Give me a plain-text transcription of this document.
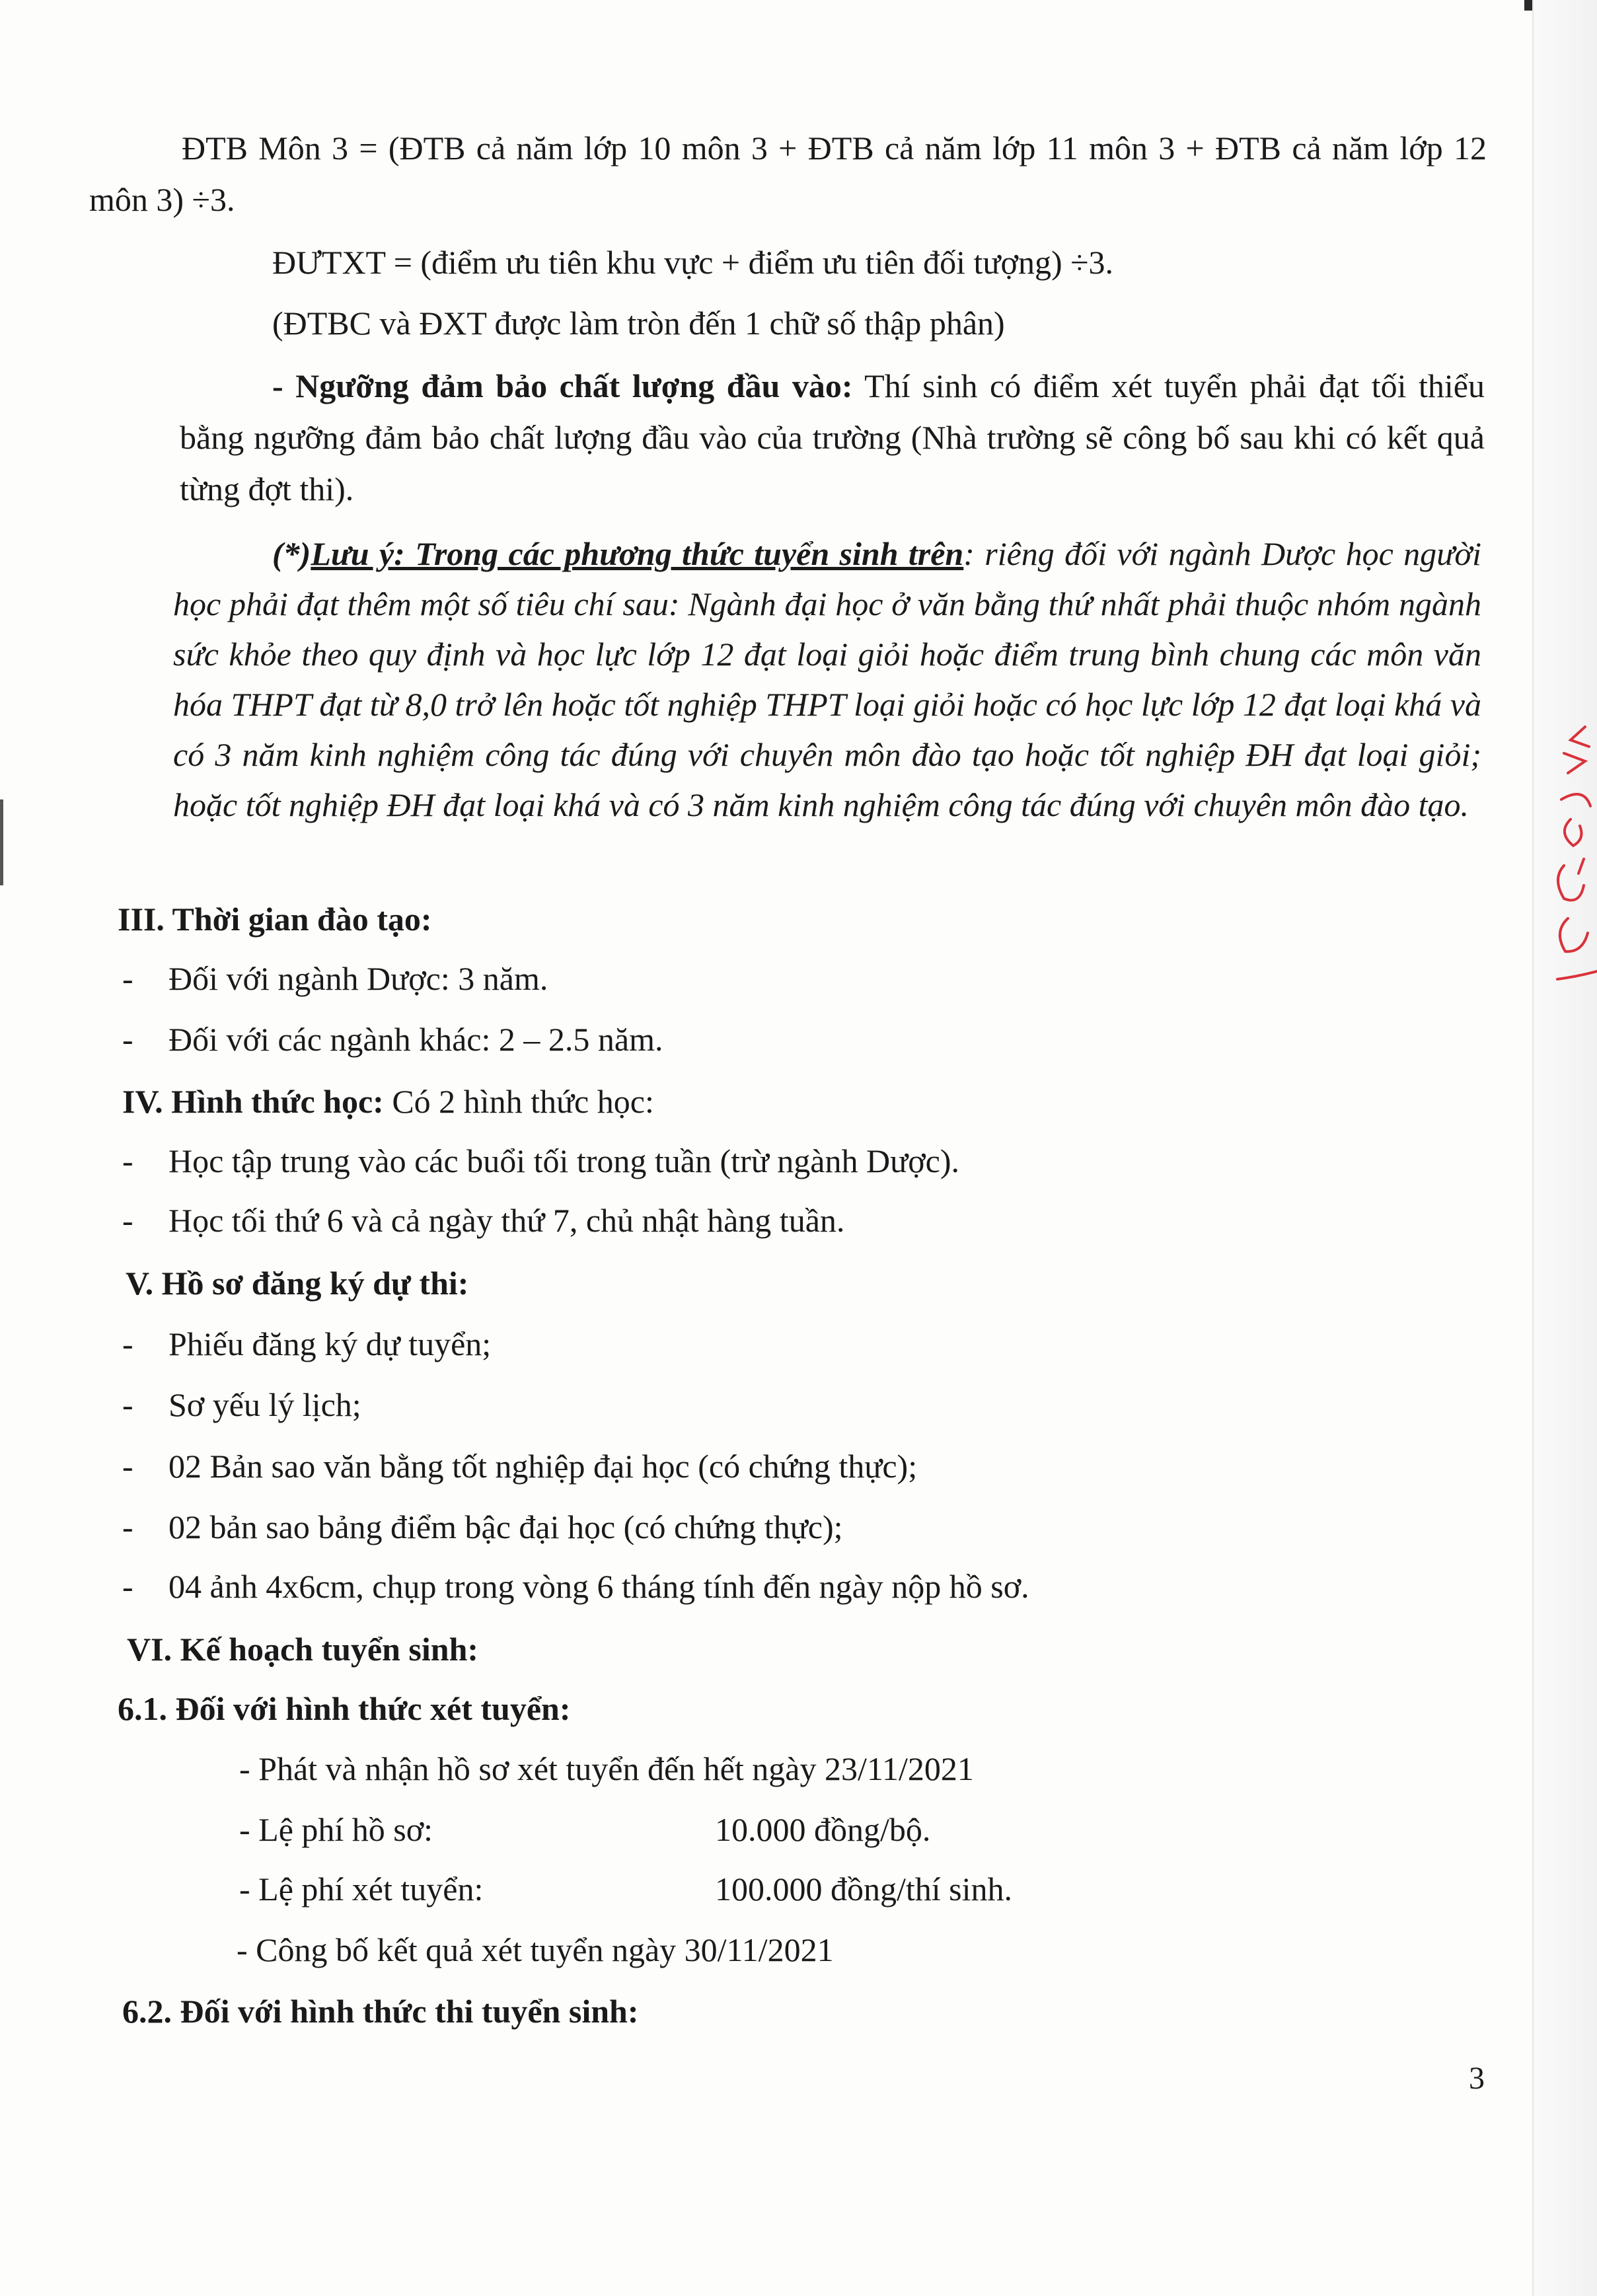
ĐTB Môn 3 = (ĐTB cả năm lớp 10 môn 3 + ĐTB cả năm lớp 11 môn 3 + ĐTB cả năm lớp 12 môn 3) ÷3.

ĐƯTXT = (điểm ưu tiên khu vực + điểm ưu tiên đối tượng) ÷3.

(ĐTBC và ĐXT được làm tròn đến 1 chữ số thập phân)

- Ngưỡng đảm bảo chất lượng đầu vào: Thí sinh có điểm xét tuyển phải đạt tối thiểu bằng ngưỡng đảm bảo chất lượng đầu vào của trường (Nhà trường sẽ công bố sau khi có kết quả từng đợt thi).

(*)Lưu ý: Trong các phương thức tuyển sinh trên: riêng đối với ngành Dược học người học phải đạt thêm một số tiêu chí sau: Ngành đại học ở văn bằng thứ nhất phải thuộc nhóm ngành sức khỏe theo quy định và học lực lớp 12 đạt loại giỏi hoặc điểm trung bình chung các môn văn hóa THPT đạt từ 8,0 trở lên hoặc tốt nghiệp THPT loại giỏi hoặc có học lực lớp 12 đạt loại khá và có 3 năm kinh nghiệm công tác đúng với chuyên môn đào tạo hoặc tốt nghiệp ĐH đạt loại giỏi; hoặc tốt nghiệp ĐH đạt loại khá và có 3 năm kinh nghiệm công tác đúng với chuyên môn đào tạo.

III. Thời gian đào tạo:

- Đối với ngành Dược: 3 năm.

- Đối với các ngành khác: 2 – 2.5 năm.

IV. Hình thức học: Có 2 hình thức học:

- Học tập trung vào các buổi tối trong tuần (trừ ngành Dược).

- Học tối thứ 6 và cả ngày thứ 7, chủ nhật hàng tuần.

V. Hồ sơ đăng ký dự thi:

- Phiếu đăng ký dự tuyển;

- Sơ yếu lý lịch;

- 02 Bản sao văn bằng tốt nghiệp đại học (có chứng thực);

- 02 bản sao bảng điểm bậc đại học (có chứng thực);

- 04 ảnh 4x6cm, chụp trong vòng 6 tháng tính đến ngày nộp hồ sơ.

VI. Kế hoạch tuyển sinh:

6.1. Đối với hình thức xét tuyển:

- Phát và nhận hồ sơ xét tuyển đến hết ngày 23/11/2021

- Lệ phí hồ sơ:	10.000 đồng/bộ.

- Lệ phí xét tuyển:	100.000 đồng/thí sinh.

- Công bố kết quả xét tuyển ngày 30/11/2021

6.2. Đối với hình thức thi tuyển sinh:

3
